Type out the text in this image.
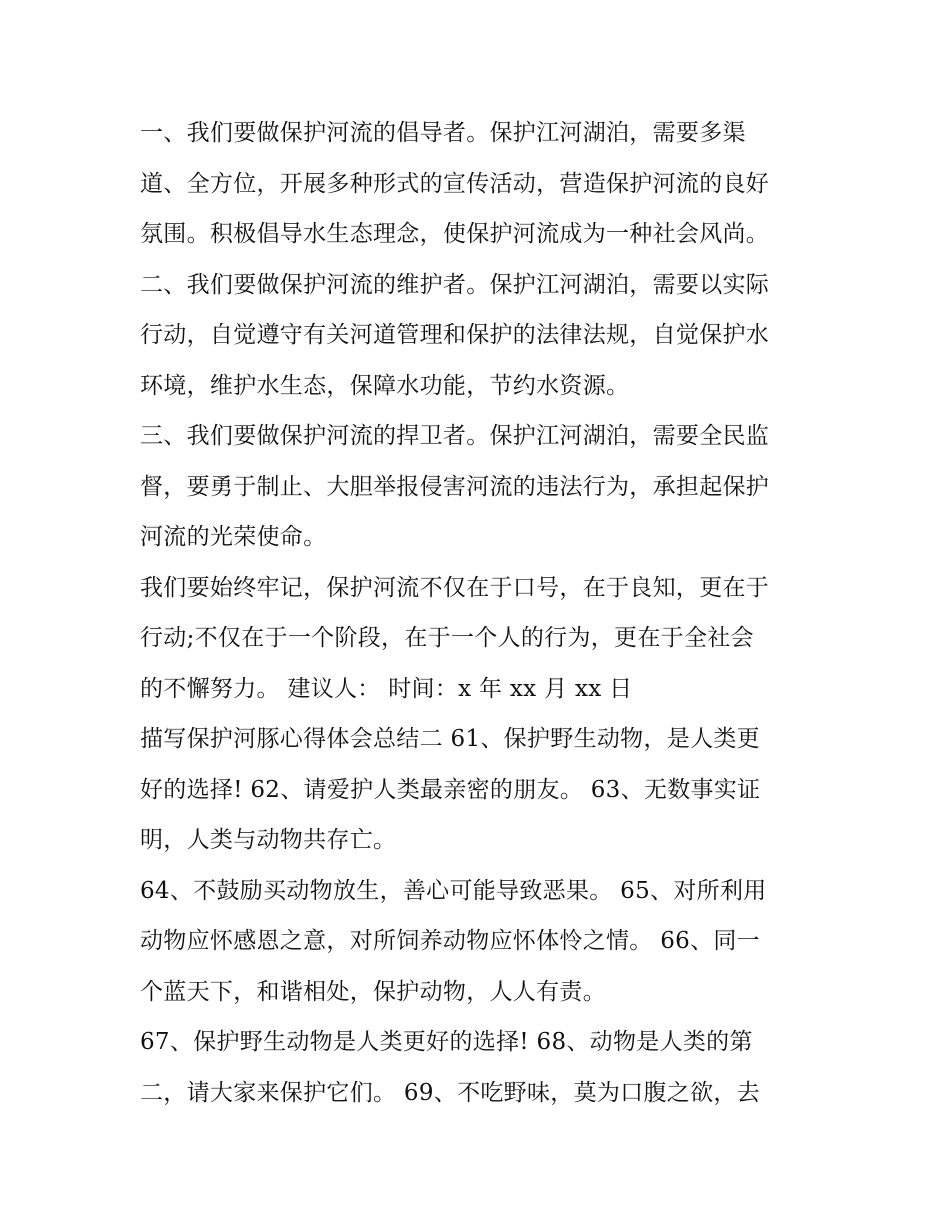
一、我们要做保护河流的倡导者。保护江河湖泊，需要多渠
道、全方位，开展多种形式的宣传活动，营造保护河流的良好
氛围。积极倡导水生态理念，使保护河流成为一种社会风尚。
二、我们要做保护河流的维护者。保护江河湖泊，需要以实际
行动，自觉遵守有关河道管理和保护的法律法规，自觉保护水
环境，维护水生态，保障水功能，节约水资源。
三、我们要做保护河流的捍卫者。保护江河湖泊，需要全民监
督，要勇于制止、大胆举报侵害河流的违法行为，承担起保护
河流的光荣使命。
我们要始终牢记，保护河流不仅在于口号，在于良知，更在于
行动;不仅在于一个阶段，在于一个人的行为，更在于全社会
的不懈努力。 建议人： 时间：x 年 xx 月 xx 日
描写保护河豚心得体会总结二 61、保护野生动物，是人类更
好的选择! 62、请爱护人类最亲密的朋友。 63、无数事实证
明，人类与动物共存亡。
64、不鼓励买动物放生，善心可能导致恶果。 65、对所利用
动物应怀感恩之意，对所饲养动物应怀体怜之情。 66、同一
个蓝天下，和谐相处，保护动物，人人有责。
67、保护野生动物是人类更好的选择! 68、动物是人类的第
二，请大家来保护它们。 69、不吃野味，莫为口腹之欲，去
